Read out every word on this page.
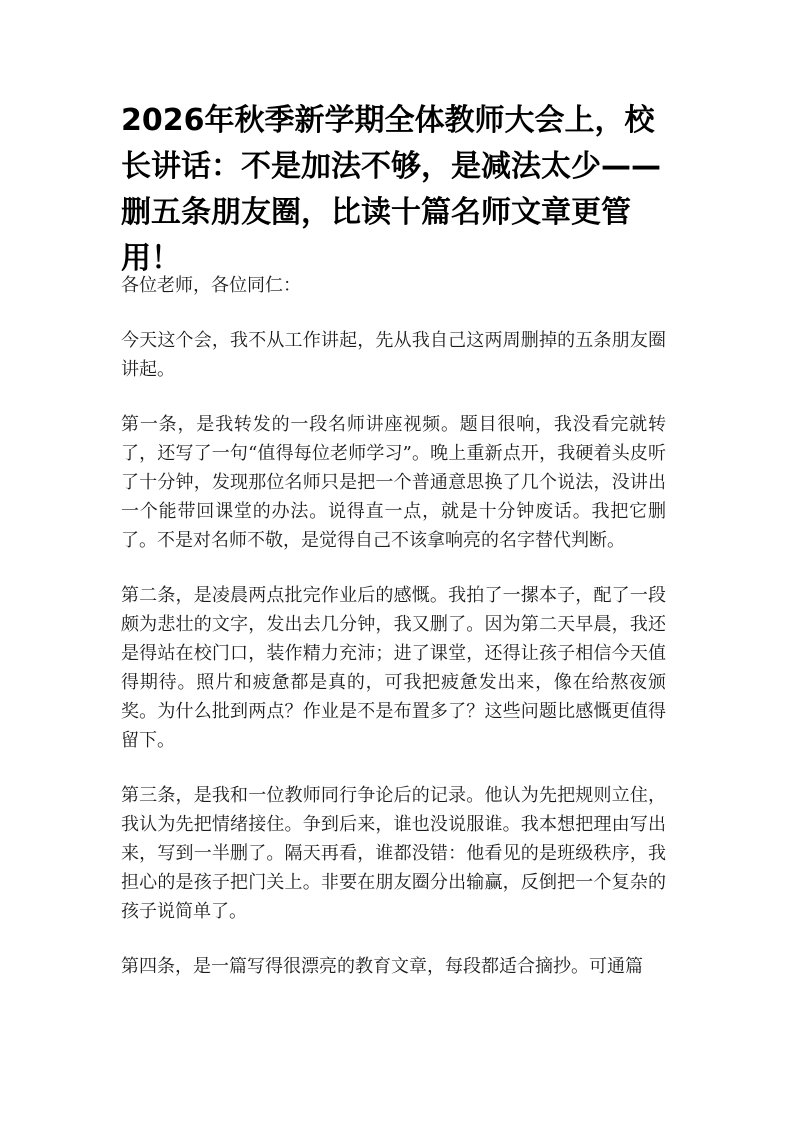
2026年秋季新学期全体教师大会上，校长讲话：不是加法不够，是减法太少——删五条朋友圈，比读十篇名师文章更管用！

各位老师，各位同仁：

今天这个会，我不从工作讲起，先从我自己这两周删掉的五条朋友圈讲起。

第一条，是我转发的一段名师讲座视频。题目很响，我没看完就转了，还写了一句“值得每位老师学习”。晚上重新点开，我硬着头皮听了十分钟，发现那位名师只是把一个普通意思换了几个说法，没讲出一个能带回课堂的办法。说得直一点，就是十分钟废话。我把它删了。不是对名师不敬，是觉得自己不该拿响亮的名字替代判断。

第二条，是凌晨两点批完作业后的感慨。我拍了一摞本子，配了一段颇为悲壮的文字，发出去几分钟，我又删了。因为第二天早晨，我还是得站在校门口，装作精力充沛；进了课堂，还得让孩子相信今天值得期待。照片和疲惫都是真的，可我把疲惫发出来，像在给熬夜颁奖。为什么批到两点？作业是不是布置多了？这些问题比感慨更值得留下。

第三条，是我和一位教师同行争论后的记录。他认为先把规则立住，我认为先把情绪接住。争到后来，谁也没说服谁。我本想把理由写出来，写到一半删了。隔天再看，谁都没错：他看见的是班级秩序，我担心的是孩子把门关上。非要在朋友圈分出输赢，反倒把一个复杂的孩子说简单了。

第四条，是一篇写得很漂亮的教育文章，每段都适合摘抄。可通篇
